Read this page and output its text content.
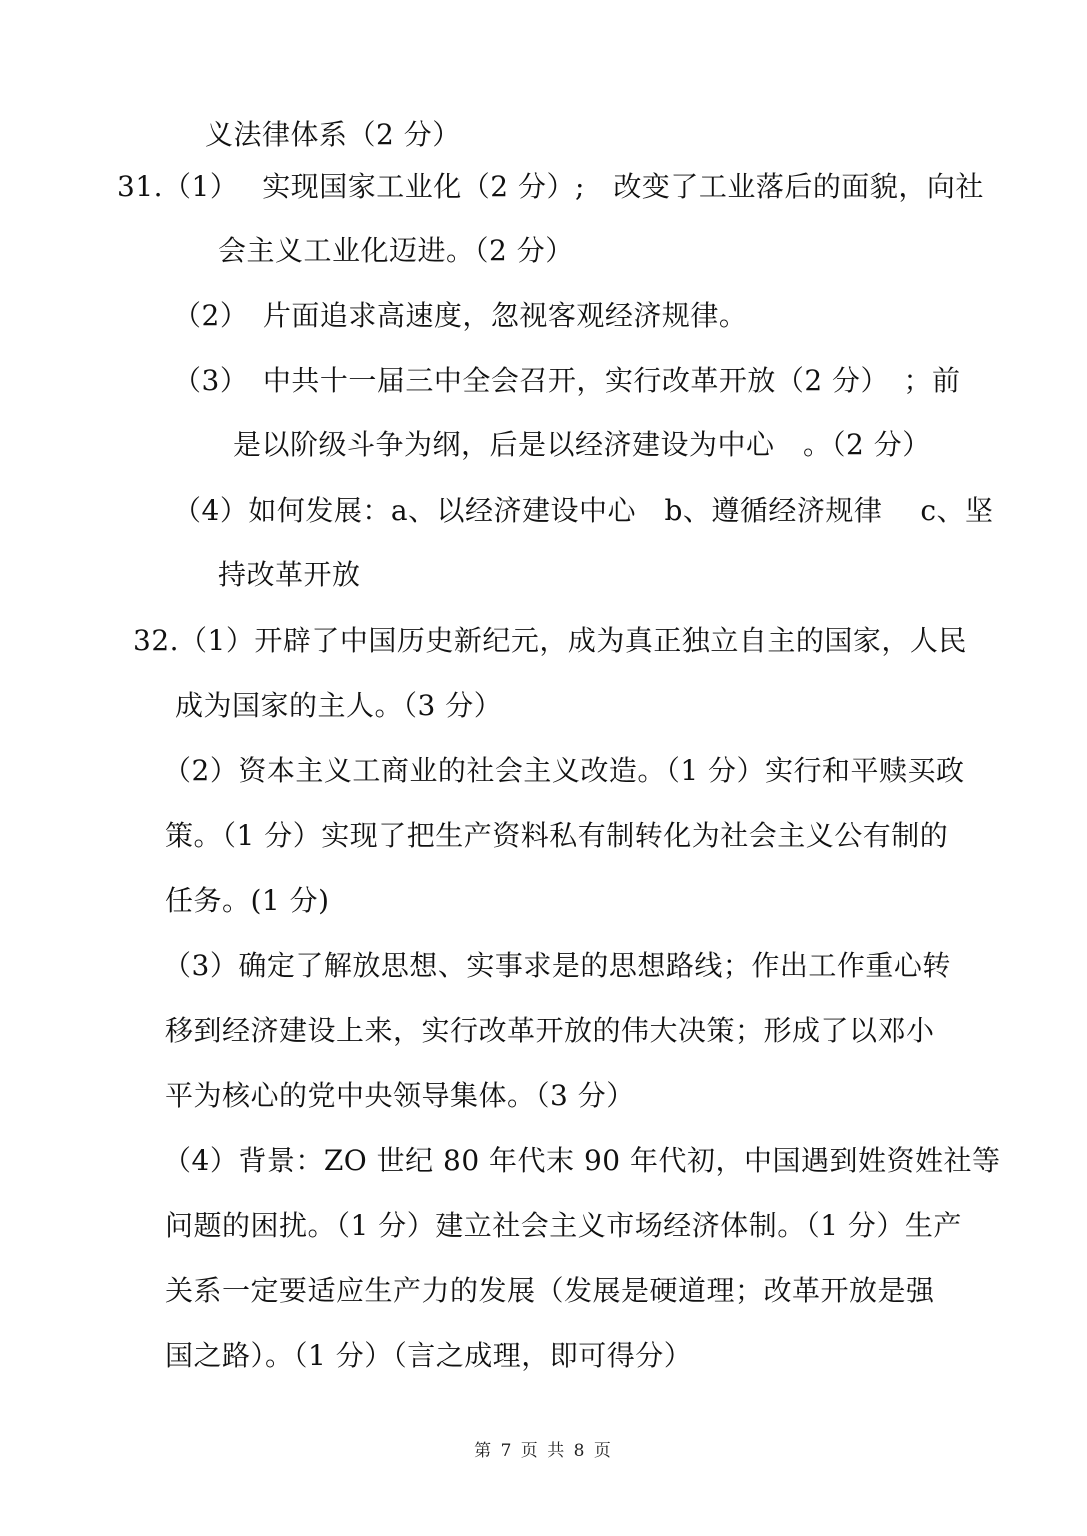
义法律体系（2 分）
31.（1）　 实现国家工业化（2 分）;　改变了工业落后的面貌，向社
会主义工业化迈进。（2 分）
（2）　片面追求高速度，忽视客观经济规律。
（3）　中共十一届三中全会召开，实行改革开放（2 分）　；前
是以阶级斗争为纲，后是以经济建设为中心　。（2 分）
（4）如何发展：a、以经济建设中心　b、遵循经济规律　 c、坚
持改革开放
32.（1）开辟了中国历史新纪元，成为真正独立自主的国家，人民
成为国家的主人。（3 分）
（2）资本主义工商业的社会主义改造。（1 分）实行和平赎买政
策。（1 分）实现了把生产资料私有制转化为社会主义公有制的
任务。(1 分)
（3）确定了解放思想、实事求是的思想路线；作出工作重心转
移到经济建设上来，实行改革开放的伟大决策；形成了以邓小
平为核心的党中央领导集体。（3 分）
（4）背景：ZO 世纪 80 年代末 90 年代初，中国遇到姓资姓社等
问题的困扰。（1 分）建立社会主义市场经济体制。（1 分）生产
关系一定要适应生产力的发展（发展是硬道理；改革开放是强
国之路）。（1 分）（言之成理，即可得分）
第 7 页 共 8 页
